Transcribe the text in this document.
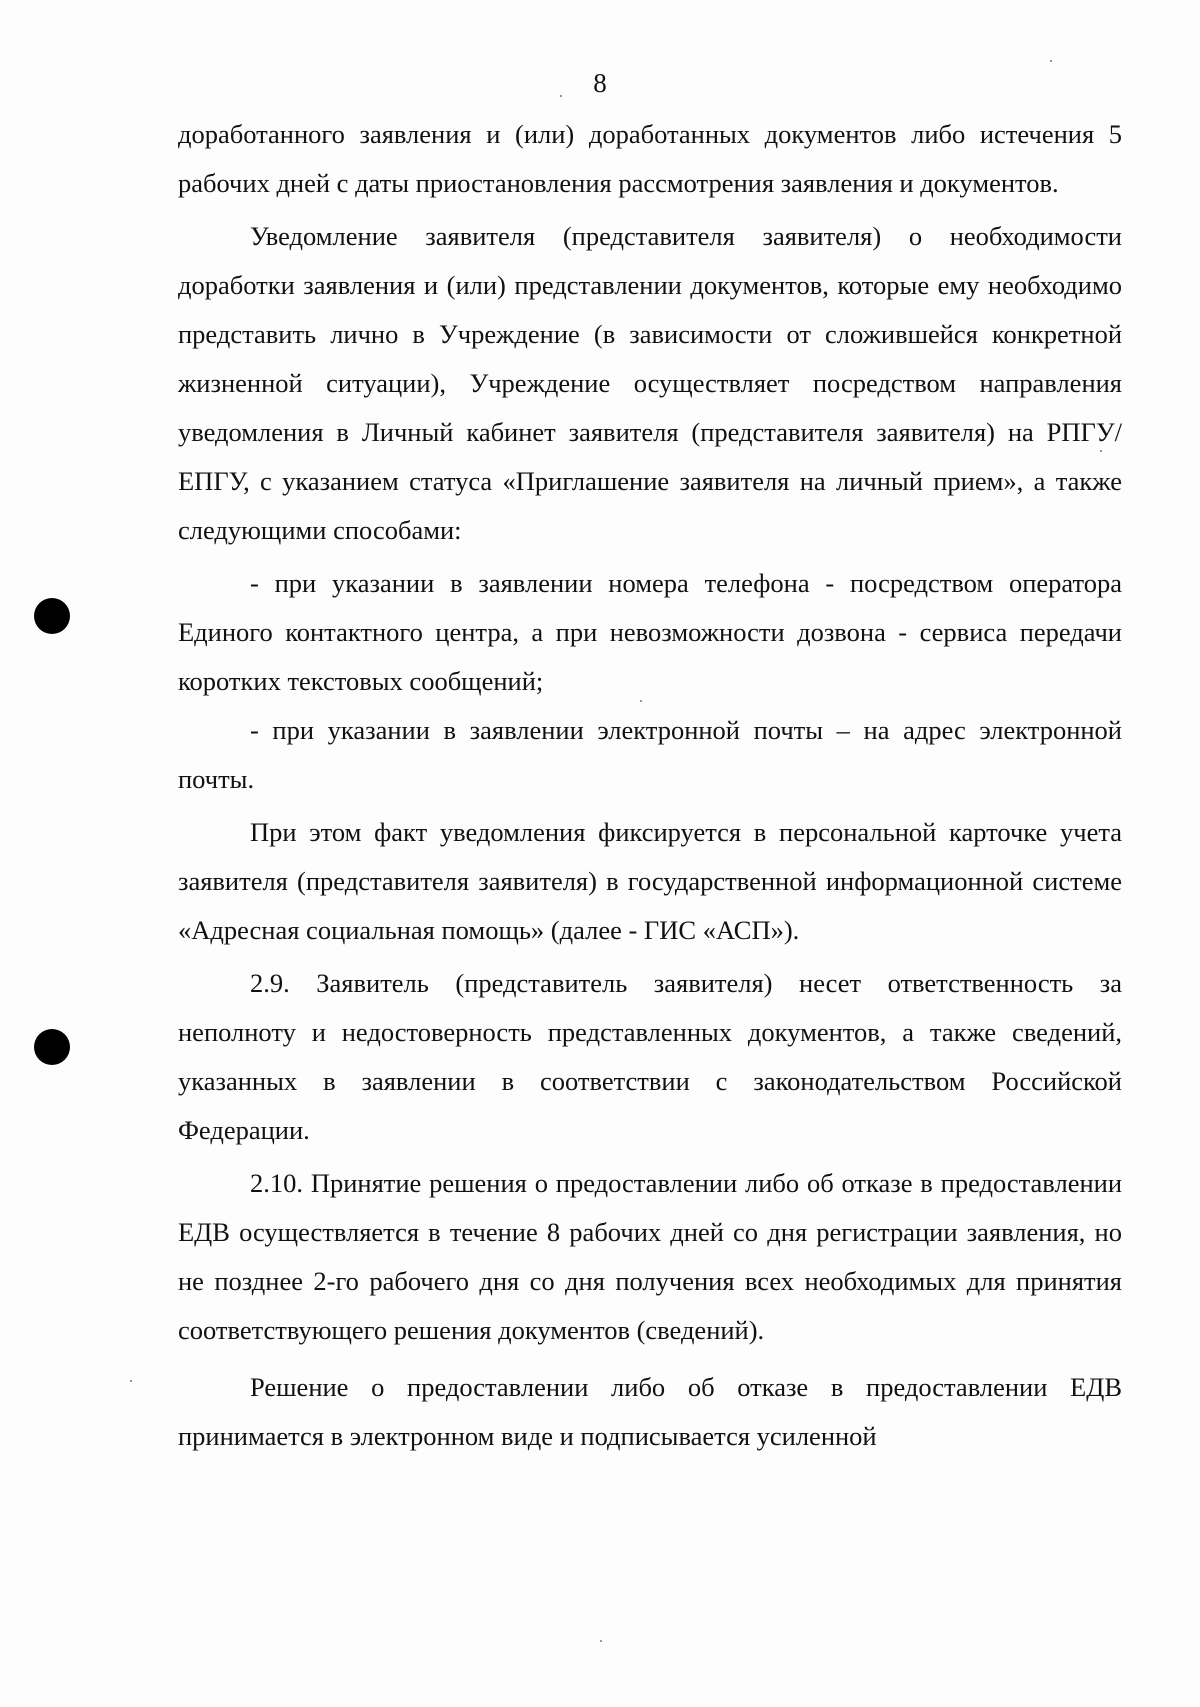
8

доработанного заявления и (или) доработанных документов либо истечения 5 рабочих дней с даты приостановления рассмотрения заявления и документов.

Уведомление заявителя (представителя заявителя) о необходимости доработки заявления и (или) представлении документов, которые ему необходимо представить лично в Учреждение (в зависимости от сложившейся конкретной жизненной ситуации), Учреждение осуществляет посредством направления уведомления в Личный кабинет заявителя (представителя заявителя) на РПГУ/ЕПГУ, с указанием статуса «Приглашение заявителя на личный прием», а также следующими способами:

- при указании в заявлении номера телефона - посредством оператора Единого контактного центра, а при невозможности дозвона - сервиса передачи коротких текстовых сообщений;

- при указании в заявлении электронной почты – на адрес электронной почты.

При этом факт уведомления фиксируется в персональной карточке учета заявителя (представителя заявителя) в государственной информационной системе «Адресная социальная помощь» (далее - ГИС «АСП»).

2.9. Заявитель (представитель заявителя) несет ответственность за неполноту и недостоверность представленных документов, а также сведений, указанных в заявлении в соответствии с законодательством Российской Федерации.

2.10. Принятие решения о предоставлении либо об отказе в предоставлении ЕДВ осуществляется в течение 8 рабочих дней со дня регистрации заявления, но не позднее 2-го рабочего дня со дня получения всех необходимых для принятия соответствующего решения документов (сведений).

Решение о предоставлении либо об отказе в предоставлении ЕДВ принимается в электронном виде и подписывается усиленной
